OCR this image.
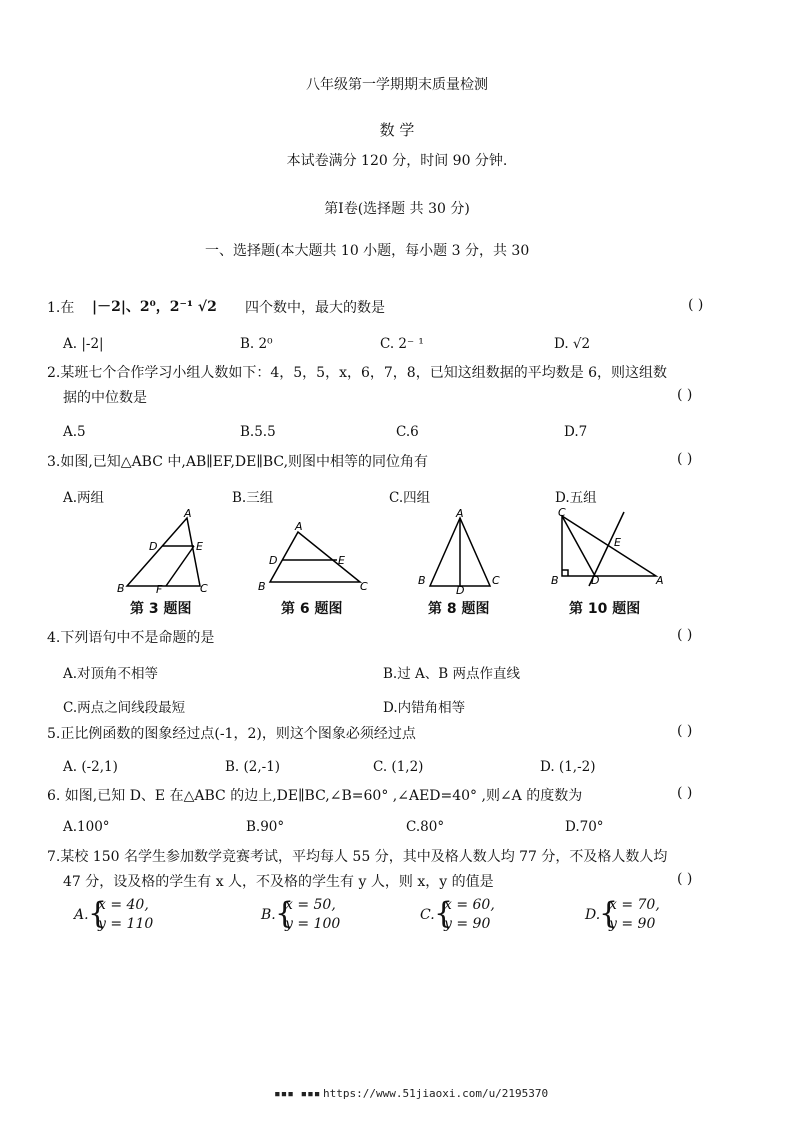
八年级第一学期期末质量检测
数 学
本试卷满分 120 分，时间 90 分钟.
第Ⅰ卷(选择题 共 30 分)
一、选择题(本大题共 10 小题，每小题 3 分，共 30
1.在 |－2|、2⁰，2⁻¹ √2 四个数中，最大的数是	( )
A. |-2|	B. 2⁰	C. 2⁻ ¹	D. √2
2.某班七个合作学习小组人数如下：4，5，5，x，6，7，8，已知这组数据的平均数是 6，则这组数
据的中位数是	( )
A.5	B.5.5	C.6	D.7
3.如图,已知△ABC 中,AB∥EF,DE∥BC,则图中相等的同位角有	( )
A.两组	B.三组	C.四组	D.五组
A
D	E
B	F	C
第 3 题图
A
D	E
B	C
第 6 题图
A
B
D
C
第 8 题图
C
E
B	D	A
第 10 题图
4.下列语句中不是命题的是	( )
A.对顶角不相等	B.过 A、B 两点作直线
C.两点之间线段最短	D.内错角相等
5.正比例函数的图象经过点(-1，2)，则这个图象必须经过点	( )
A. (-2,1)	B. (2,-1)	C. (1,2)	D. (1,-2)
6. 如图,已知 D、E 在△ABC 的边上,DE∥BC,∠B=60° ,∠AED=40° ,则∠A 的度数为	( )
A.100°	B.90°	C.80°	D.70°
7.某校 150 名学生参加数学竞赛考试，平均每人 55 分，其中及格人数人均 77 分，不及格人数人均
47 分，设及格的学生有 x 人，不及格的学生有 y 人，则 x，y 的值是	( )
A. {
x = 40,
y = 110
B. {
x = 50,
y = 100
C. {
x = 60,
y = 90
D.
{
x = 70,
y = 90
▪▪▪ ▪▪▪ https://www.51jiaoxi.com/u/2195370
